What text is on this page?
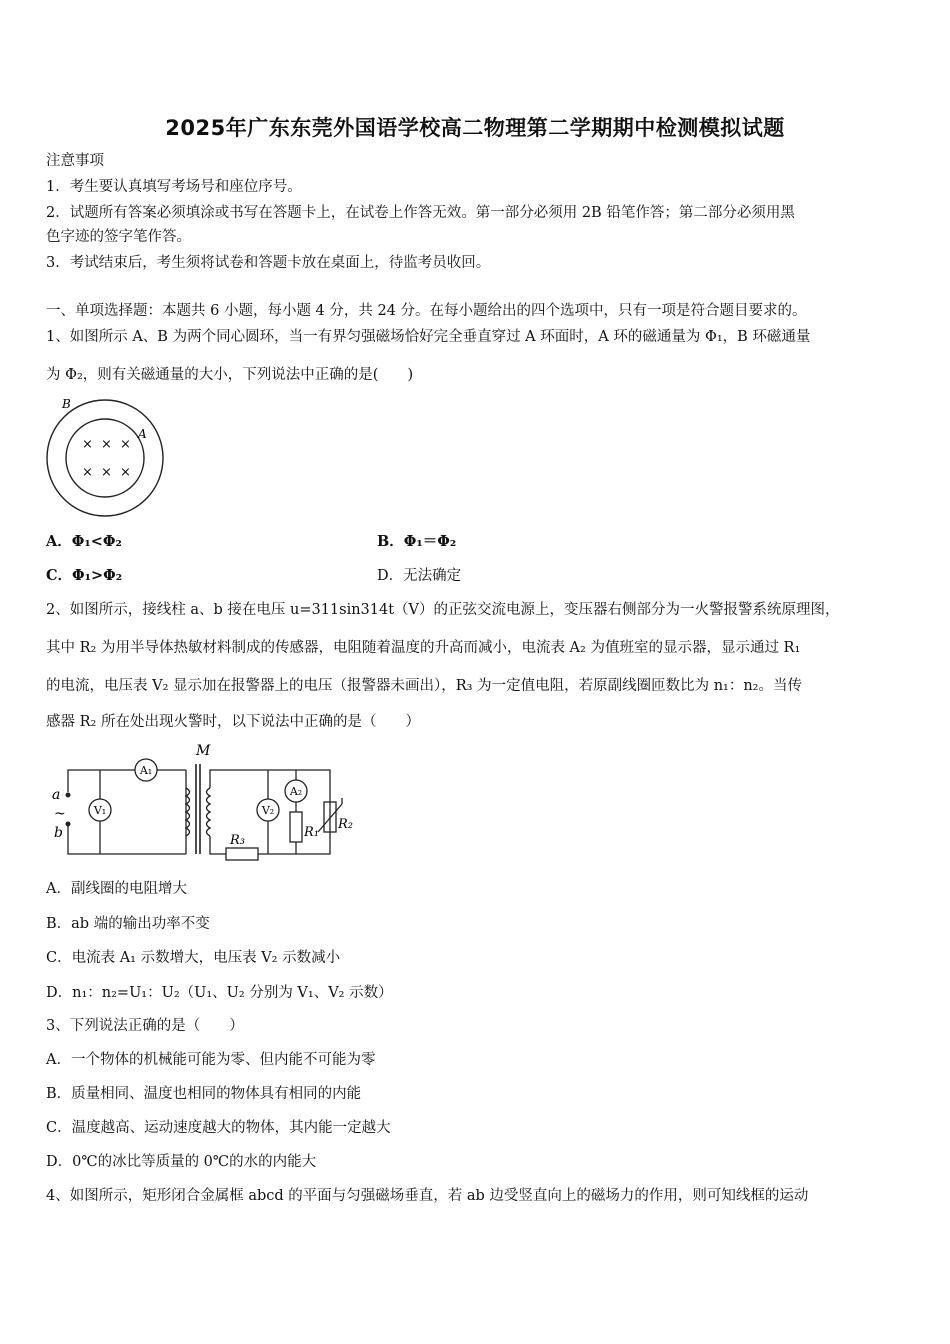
2025年广东东莞外国语学校高二物理第二学期期中检测模拟试题
注意事项
1．考生要认真填写考场号和座位序号。
2．试题所有答案必须填涂或书写在答题卡上，在试卷上作答无效。第一部分必须用 2B 铅笔作答；第二部分必须用黑
色字迹的签字笔作答。
3．考试结束后，考生须将试卷和答题卡放在桌面上，待监考员收回。
一、单项选择题：本题共 6 小题，每小题 4 分，共 24 分。在每小题给出的四个选项中，只有一项是符合题目要求的。
1、如图所示 A、B 为两个同心圆环，当一有界匀强磁场恰好完全垂直穿过 A 环面时，A 环的磁通量为 Φ₁，B 环磁通量
为 Φ₂，则有关磁通量的大小，下列说法中正确的是(　　)
B
A
× × ×
× × ×
A．Φ₁<Φ₂	B．Φ₁＝Φ₂
C．Φ₁>Φ₂	D．无法确定
2、如图所示，接线柱 a、b 接在电压 u=311sin314t（V）的正弦交流电源上，变压器右侧部分为一火警报警系统原理图，
其中 R₂ 为用半导体热敏材料制成的传感器，电阻随着温度的升高而减小，电流表 A₂ 为值班室的显示器，显示通过 R₁
的电流，电压表 V₂ 显示加在报警器上的电压（报警器未画出），R₃ 为一定值电阻，若原副线圈匝数比为 n₁：n₂。当传
感器 R₂ 所在处出现火警时，以下说法中正确的是（　　）
A₁
V₁	V₂
A₂
a
b
~
M
R₃
R₁
R₂
A．副线圈的电阻增大
B．ab 端的输出功率不变
C．电流表 A₁ 示数增大，电压表 V₂ 示数减小
D．n₁：n₂=U₁：U₂（U₁、U₂ 分别为 V₁、V₂ 示数）
3、下列说法正确的是（　　）
A．一个物体的机械能可能为零、但内能不可能为零
B．质量相同、温度也相同的物体具有相同的内能
C．温度越高、运动速度越大的物体，其内能一定越大
D．0℃的冰比等质量的 0℃的水的内能大
4、如图所示，矩形闭合金属框 abcd 的平面与匀强磁场垂直，若 ab 边受竖直向上的磁场力的作用，则可知线框的运动
